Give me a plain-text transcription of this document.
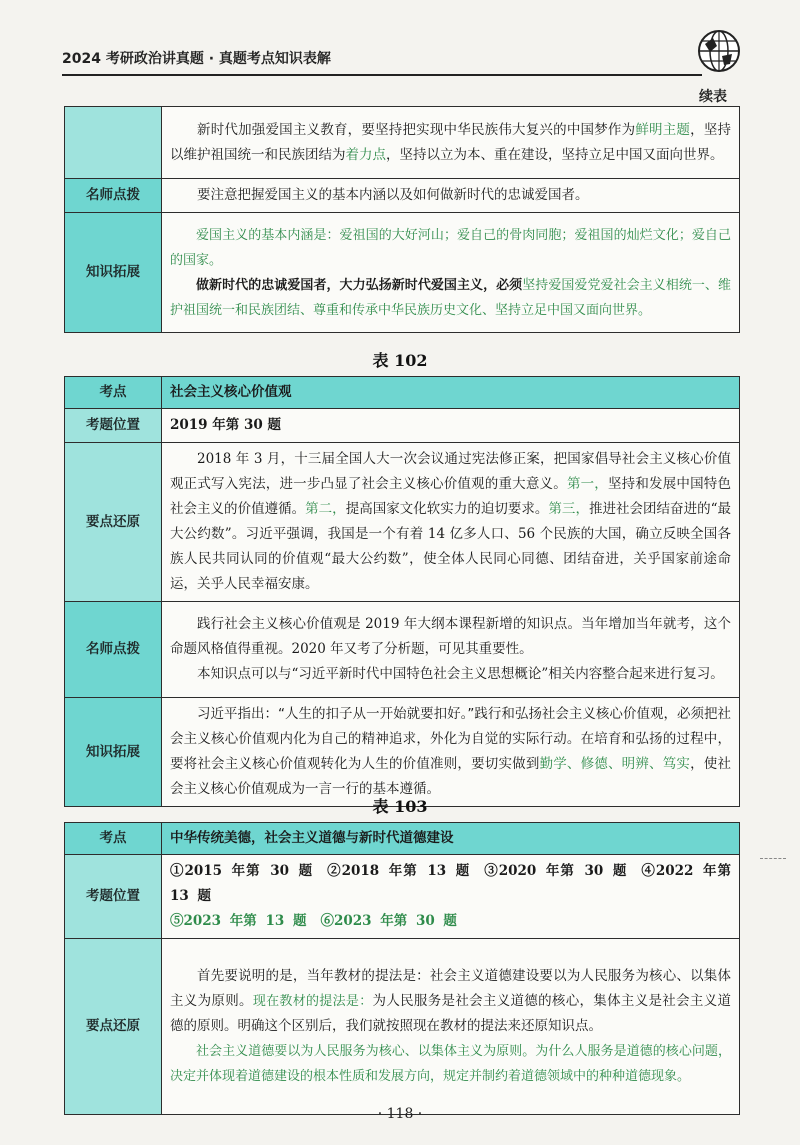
2024 考研政治讲真题 · 真题考点知识表解
续表

	新时代加强爱国主义教育，要坚持把实现中华民族伟大复兴的中国梦作为鲜明主题，坚持以维护祖国统一和民族团结为着力点，坚持以立为本、重在建设，坚持立足中国又面向世界。

名师点拨	要注意把握爱国主义的基本内涵以及如何做新时代的忠诚爱国者。

知识拓展	爱国主义的基本内涵是：爱祖国的大好河山；爱自己的骨肉同胞；爱祖国的灿烂文化；爱自己的国家。

做新时代的忠诚爱国者，大力弘扬新时代爱国主义，必须坚持爱国爱党爱社会主义相统一、维护祖国统一和民族团结、尊重和传承中华民族历史文化、坚持立足中国又面向世界。

表 102
考点	社会主义核心价值观
考题位置	2019 年第 30 题
要点还原	2018 年 3 月，十三届全国人大一次会议通过宪法修正案，把国家倡导社会主义核心价值观正式写入宪法，进一步凸显了社会主义核心价值观的重大意义。第一，坚持和发展中国特色社会主义的价值遵循。第二，提高国家文化软实力的迫切要求。第三，推进社会团结奋进的“最大公约数”。习近平强调，我国是一个有着 14 亿多人口、56 个民族的大国，确立反映全国各族人民共同认同的价值观“最大公约数”，使全体人民同心同德、团结奋进，关乎国家前途命运，关乎人民幸福安康。

名师点拨	践行社会主义核心价值观是 2019 年大纲本课程新增的知识点。当年增加当年就考，这个命题风格值得重视。2020 年又考了分析题，可见其重要性。

本知识点可以与“习近平新时代中国特色社会主义思想概论”相关内容整合起来进行复习。

知识拓展	习近平指出：“人生的扣子从一开始就要扣好。”践行和弘扬社会主义核心价值观，必须把社会主义核心价值观内化为自己的精神追求，外化为自觉的实际行动。在培育和弘扬的过程中，要将社会主义核心价值观转化为人生的价值准则，要切实做到勤学、修德、明辨、笃实，使社会主义核心价值观成为一言一行的基本遵循。

表 103
考点	中华传统美德，社会主义道德与新时代道德建设
考题位置	①2015 年第 30 题 ②2018 年第 13 题 ③2020 年第 30 题 ④2022 年第 13 题
⑤2023 年第 13 题 ⑥2023 年第 30 题

要点还原	首先要说明的是，当年教材的提法是：社会主义道德建设要以为人民服务为核心、以集体主义为原则。现在教材的提法是：为人民服务是社会主义道德的核心，集体主义是社会主义道德的原则。明确这个区别后，我们就按照现在教材的提法来还原知识点。

社会主义道德要以为人民服务为核心、以集体主义为原则。为什么人服务是道德的核心问题，决定并体现着道德建设的根本性质和发展方向，规定并制约着道德领域中的种种道德现象。

· 118 ·
